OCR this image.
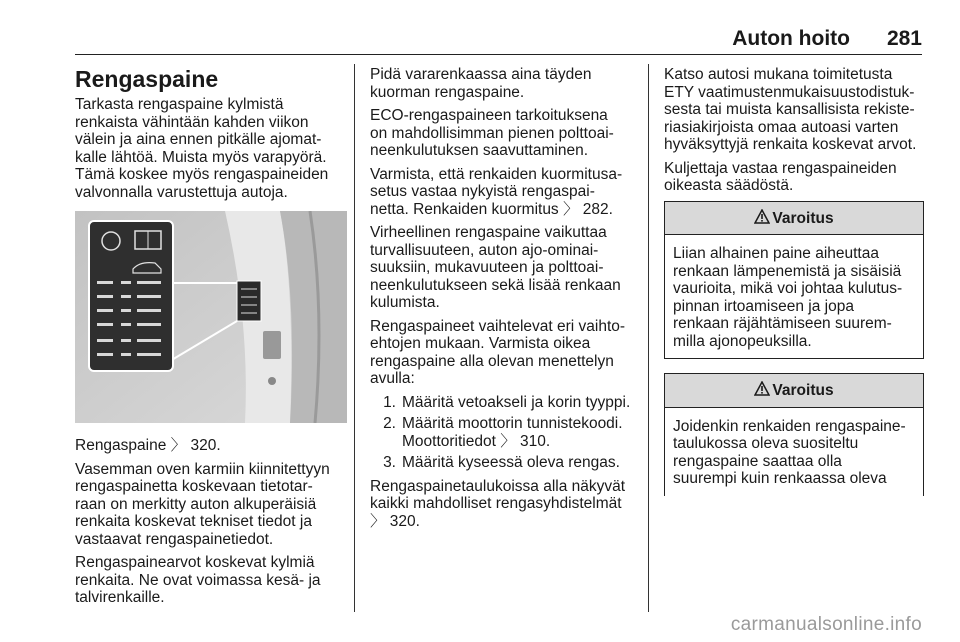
Auton hoito 281
Rengaspaine

Tarkasta rengaspaine kylmistä
renkaista vähintään kahden viikon
välein ja aina ennen pitkälle ajomat-
kalle lähtöä. Muista myös varapyörä.
Tämä koskee myös rengaspaineiden
valvonnalla varustettuja autoja.

Rengaspaine 〉 320.

Vasemman oven karmiin kiinnitettyyn
rengaspainetta koskevaan tietotar-
raan on merkitty auton alkuperäisiä
renkaita koskevat tekniset tiedot ja
vastaavat rengaspainetiedot.

Rengaspainearvot koskevat kylmiä
renkaita. Ne ovat voimassa kesä- ja
talvirenkaille.

Pidä vararenkaassa aina täyden
kuorman rengaspaine.

ECO-rengaspaineen tarkoituksena
on mahdollisimman pienen polttoai-
neenkulutuksen saavuttaminen.

Varmista, että renkaiden kuormitusa-
setus vastaa nykyistä rengaspai-
netta. Renkaiden kuormitus 〉 282.

Virheellinen rengaspaine vaikuttaa
turvallisuuteen, auton ajo-ominai-
suuksiin, mukavuuteen ja polttoai-
neenkulutukseen sekä lisää renkaan
kulumista.

Rengaspaineet vaihtelevat eri vaihto-
ehtojen mukaan. Varmista oikea
rengaspaine alla olevan menettelyn
avulla:

1. Määritä vetoakseli ja korin tyyppi.
2. Määritä moottorin tunnistekoodi.
Moottoritiedot 〉 310.
3. Määritä kyseessä oleva rengas.

Rengaspainetaulukoissa alla näkyvät
kaikki mahdolliset rengasyhdistelmät
〉 320.

Katso autosi mukana toimitetusta
ETY vaatimustenmukaisuustodistuk-
sesta tai muista kansallisista rekiste-
riasiakirjoista omaa autoasi varten
hyväksyttyjä renkaita koskevat arvot.

Kuljettaja vastaa rengaspaineiden
oikeasta säädöstä.

Varoitus
Liian alhainen paine aiheuttaa
renkaan lämpenemistä ja sisäisiä
vaurioita, mikä voi johtaa kulutus-
pinnan irtoamiseen ja jopa
renkaan räjähtämiseen suurem-
milla ajonopeuksilla.
Varoitus
Joidenkin renkaiden rengaspaine-
taulukossa oleva suositeltu
rengaspaine saattaa olla
suurempi kuin renkaassa oleva
carmanualsonline.info
